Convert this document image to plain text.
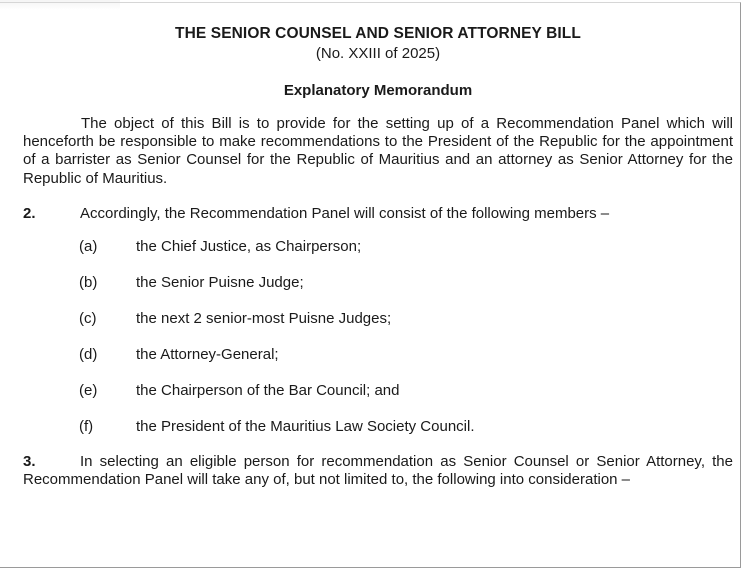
THE SENIOR COUNSEL AND SENIOR ATTORNEY BILL

(No. XXIII of 2025)

Explanatory Memorandum

The object of this Bill is to provide for the setting up of a Recommendation Panel which will henceforth be responsible to make recommendations to the President of the Republic for the appointment of a barrister as Senior Counsel for the Republic of Mauritius and an attorney as Senior Attorney for the Republic of Mauritius.

2.	Accordingly, the Recommendation Panel will consist of the following members –

(a)	the Chief Justice, as Chairperson;
(b)	the Senior Puisne Judge;
(c)	the next 2 senior-most Puisne Judges;
(d)	the Attorney-General;
(e)	the Chairperson of the Bar Council; and
(f)	the President of the Mauritius Law Society Council.

3.	In selecting an eligible person for recommendation as Senior Counsel or Senior Attorney, the Recommendation Panel will take any of, but not limited to, the following into consideration –
